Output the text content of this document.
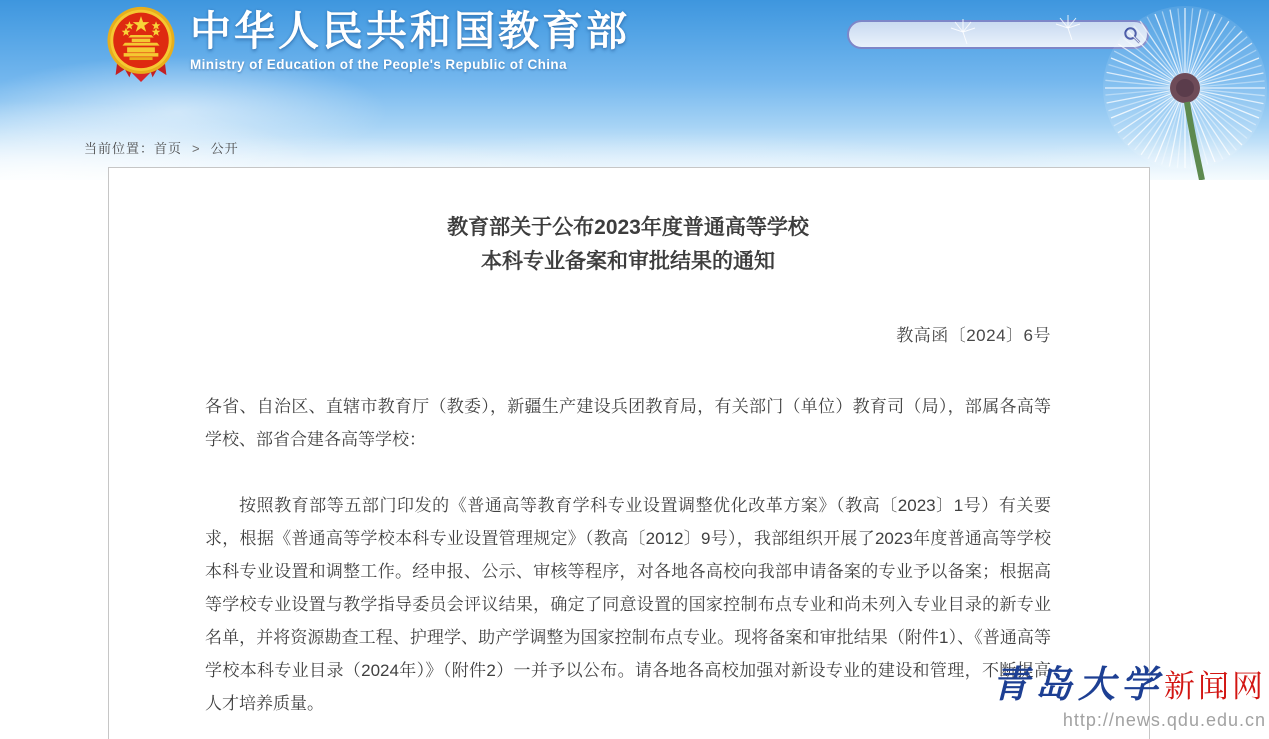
中华人民共和国教育部
Ministry of Education of the People's Republic of China
当前位置：首页 > 公开
教育部关于公布2023年度普通高等学校
本科专业备案和审批结果的通知
教高函〔2024〕6号

各省、自治区、直辖市教育厅（教委），新疆生产建设兵团教育局，有关部门（单位）教育司（局），部属各高等学校、部省合建各高等学校：

按照教育部等五部门印发的《普通高等教育学科专业设置调整优化改革方案》（教高〔2023〕1号）有关要求，根据《普通高等学校本科专业设置管理规定》（教高〔2012〕9号），我部组织开展了2023年度普通高等学校本科专业设置和调整工作。经申报、公示、审核等程序，对各地各高校向我部申请备案的专业予以备案；根据高等学校专业设置与教学指导委员会评议结果，确定了同意设置的国家控制布点专业和尚未列入专业目录的新专业名单，并将资源勘查工程、护理学、助产学调整为国家控制布点专业。现将备案和审批结果（附件1）、《普通高等学校本科专业目录（2024年）》（附件2）一并予以公布。请各地各高校加强对新设专业的建设和管理，不断提高人才培养质量。	青岛大学新闻网
http://news.qdu.edu.cn
